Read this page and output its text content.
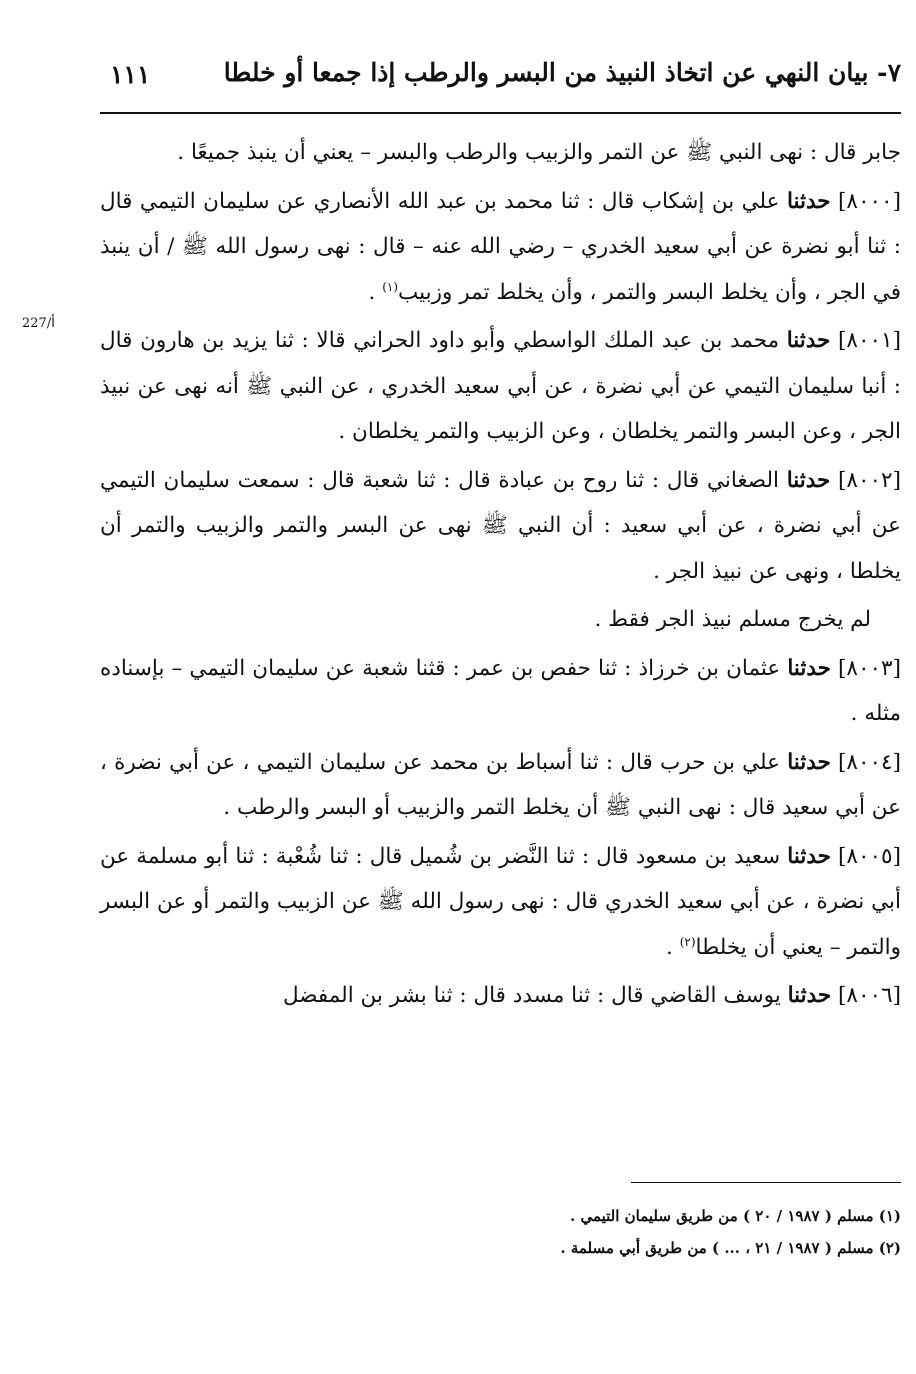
٧- بيان النهي عن اتخاذ النبيذ من البسر والرطب إذا جمعا أو خلطا
١١١
227/أ

جابر قال : نهى النبي ﷺ عن التمر والزبيب والرطب والبسر – يعني أن ينبذ جميعًا .

[٨٠٠٠] حدثنا علي بن إشكاب قال : ثنا محمد بن عبد الله الأنصاري عن سليمان التيمي قال : ثنا أبو نضرة عن أبي سعيد الخدري – رضي الله عنه – قال : نهى رسول الله ﷺ / أن ينبذ في الجر ، وأن يخلط البسر والتمر ، وأن يخلط تمر وزبيب$^{(١)}$ .

[٨٠٠١] حدثنا محمد بن عبد الملك الواسطي وأبو داود الحراني قالا : ثنا يزيد بن هارون قال : أنبا سليمان التيمي عن أبي نضرة ، عن أبي سعيد الخدري ، عن النبي ﷺ أنه نهى عن نبيذ الجر ، وعن البسر والتمر يخلطان ، وعن الزبيب والتمر يخلطان .

[٨٠٠٢] حدثنا الصغاني قال : ثنا روح بن عبادة قال : ثنا شعبة قال : سمعت سليمان التيمي عن أبي نضرة ، عن أبي سعيد : أن النبي ﷺ نهى عن البسر والتمر والزبيب والتمر أن يخلطا ، ونهى عن نبيذ الجر .

لم يخرج مسلم نبيذ الجر فقط .

[٨٠٠٣] حدثنا عثمان بن خرزاذ : ثنا حفص بن عمر : قثنا شعبة عن سليمان التيمي – بإسناده مثله .

[٨٠٠٤] حدثنا علي بن حرب قال : ثنا أسباط بن محمد عن سليمان التيمي ، عن أبي نضرة ، عن أبي سعيد قال : نهى النبي ﷺ أن يخلط التمر والزبيب أو البسر والرطب .

[٨٠٠٥] حدثنا سعيد بن مسعود قال : ثنا النَّضر بن شُميل قال : ثنا شُعْبة : ثنا أبو مسلمة عن أبي نضرة ، عن أبي سعيد الخدري قال : نهى رسول الله ﷺ عن الزبيب والتمر أو عن البسر والتمر – يعني أن يخلطا$^{(٢)}$ .

[٨٠٠٦] حدثنا يوسف القاضي قال : ثنا مسدد قال : ثنا بشر بن المفضل

(١) مسلم ( ١٩٨٧ / ٢٠ ) من طريق سليمان التيمي .

(٢) مسلم ( ١٩٨٧ / ٢١ ، ... ) من طريق أبي مسلمة .
